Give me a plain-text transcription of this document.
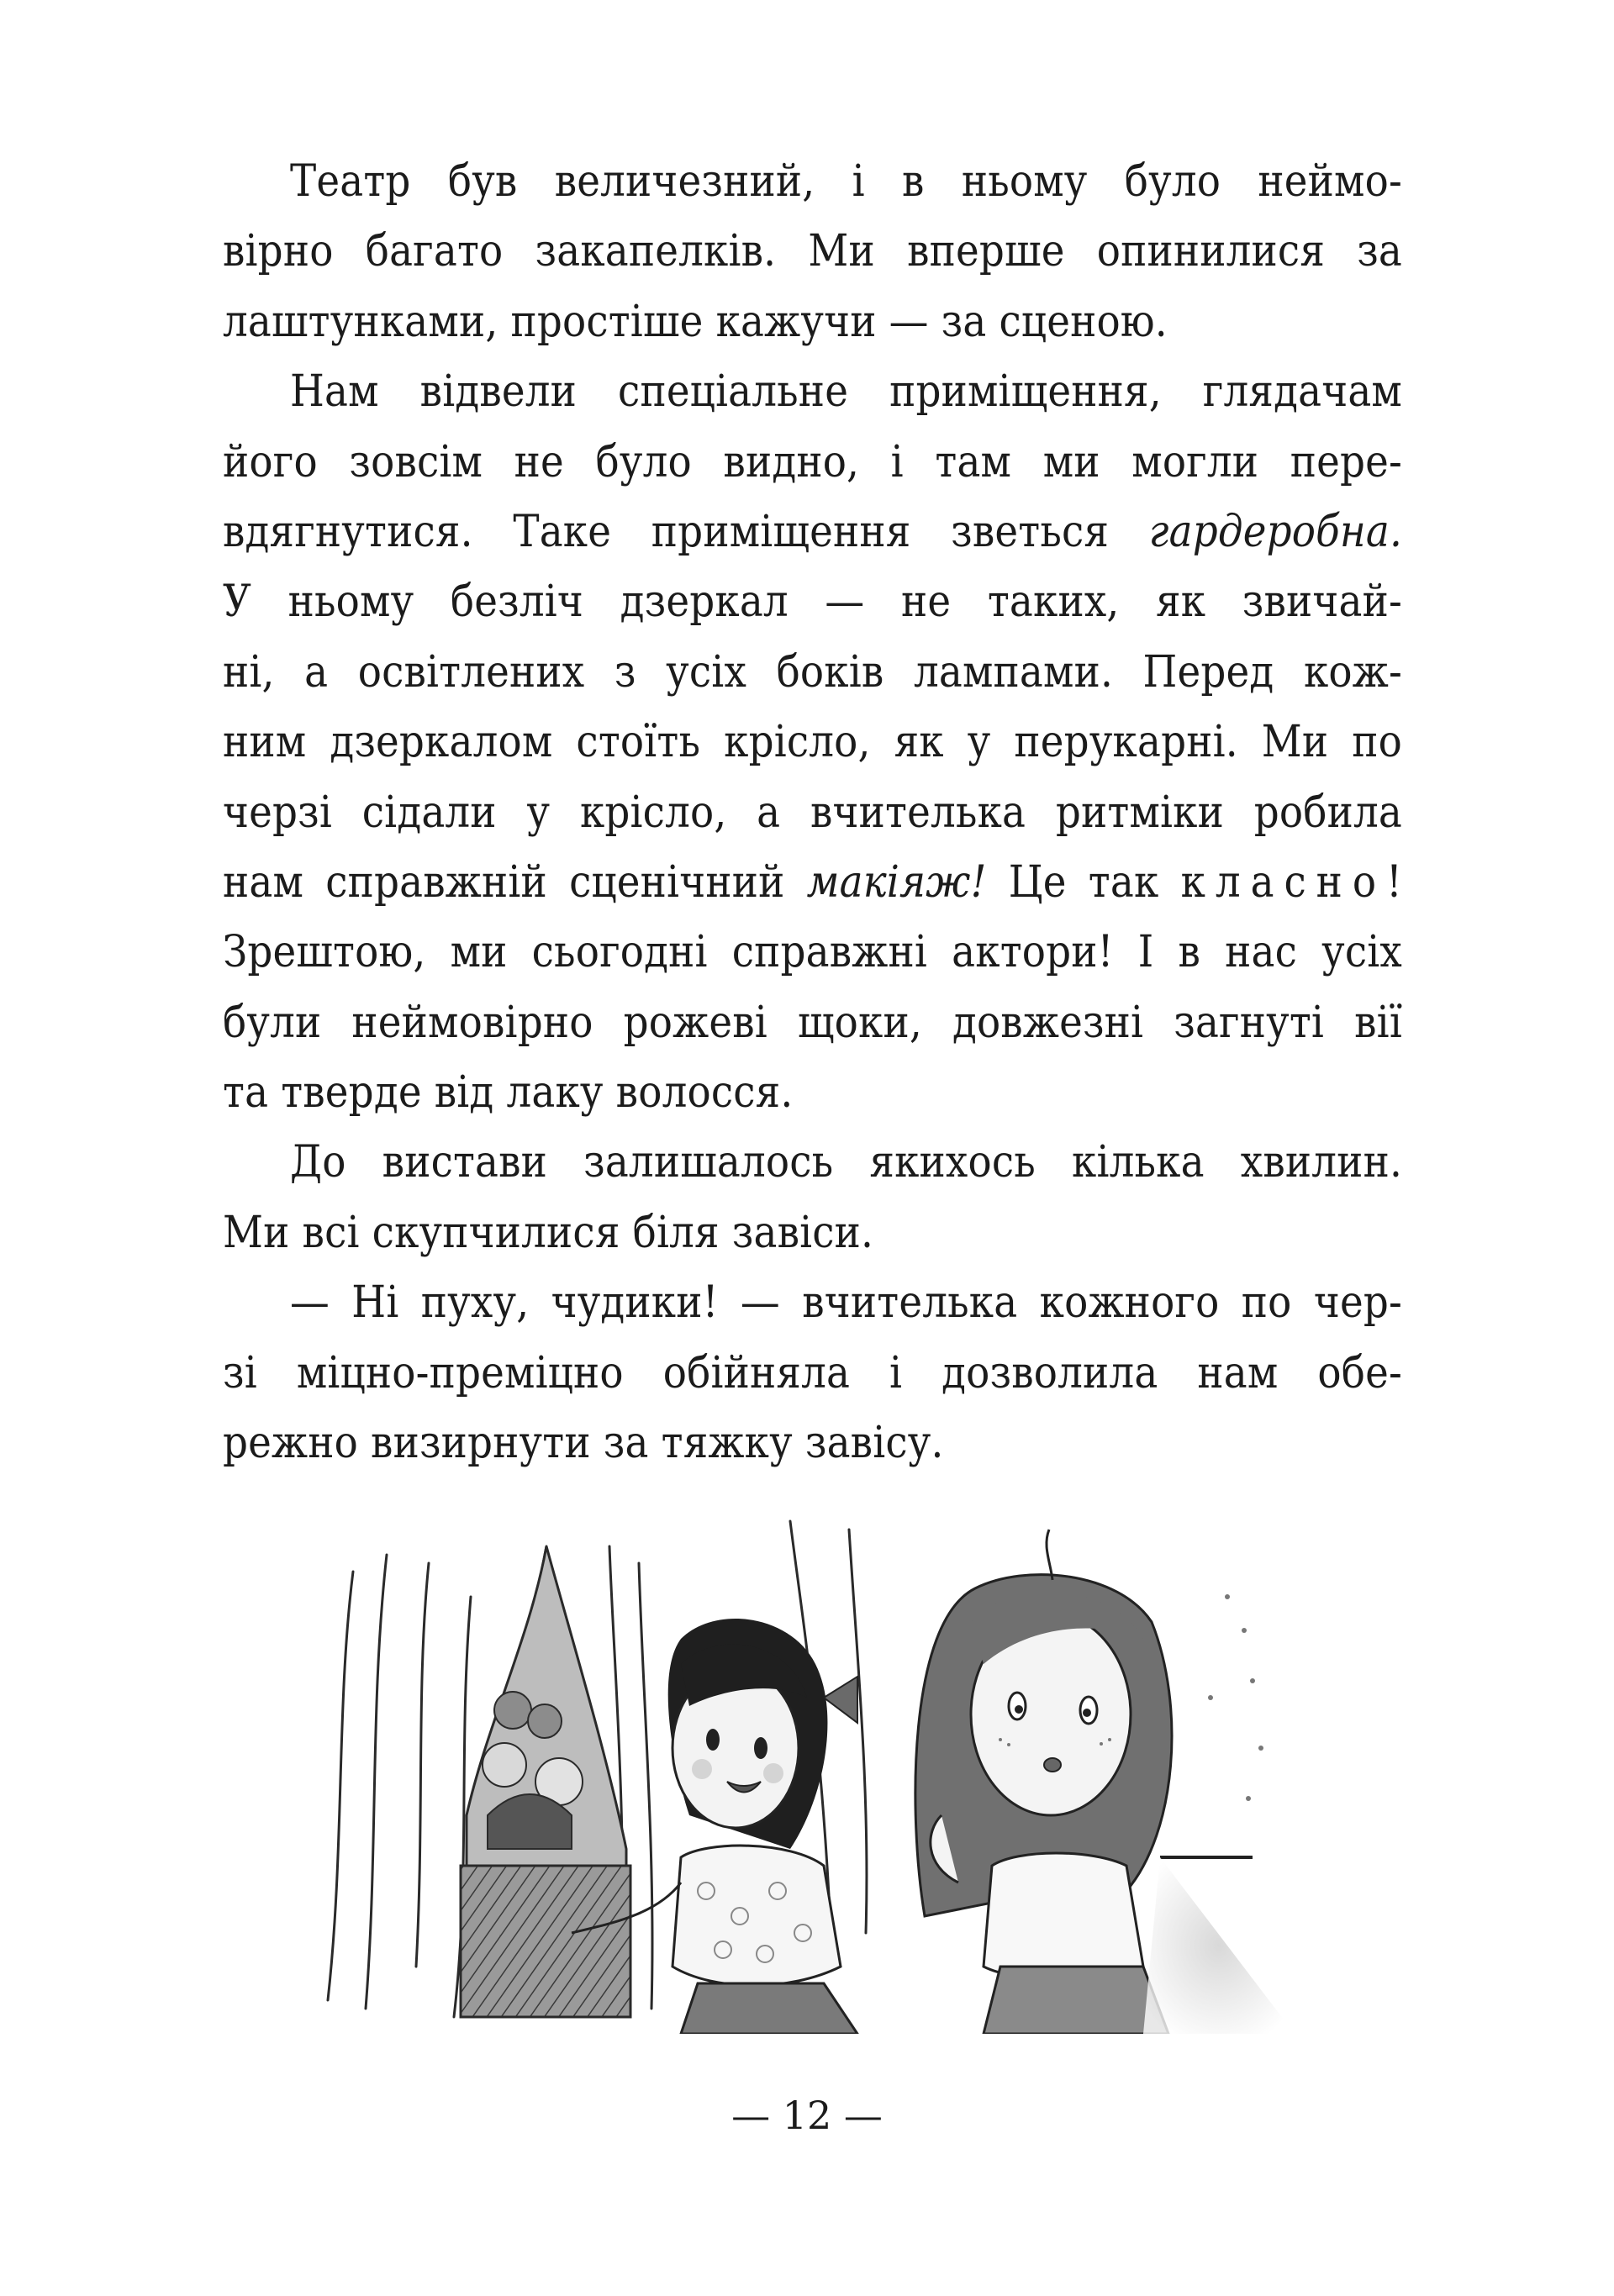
Театр був величезний, і в ньому було неймо-
вірно багато закапелків. Ми вперше опинилися за
лаштунками, простіше кажучи — за сценою.
Нам відвели спеціальне приміщення, глядачам
його зовсім не було видно, і там ми могли пере-
вдягнутися. Таке приміщення зветься гардеробна.
У ньому безліч дзеркал — не таких, як звичай-
ні, а освітлених з усіх боків лампами. Перед кож-
ним дзеркалом стоїть крісло, як у перукарні. Ми по
черзі сідали у крісло, а вчителька ритміки робила
нам справжній сценічний макіяж! Це так класно!
Зрештою, ми сьогодні справжні актори! І в нас усіх
були неймовірно рожеві щоки, довжезні загнуті вії
та тверде від лаку волосся.
До вистави залишалось якихось кілька хвилин.
Ми всі скупчилися біля завіси.
— Ні пуху, чудики! — вчителька кожного по чер-
зі міцно-преміцно обійняла і дозволила нам обе-
режно визирнути за тяжку завісу.
— 12 —
